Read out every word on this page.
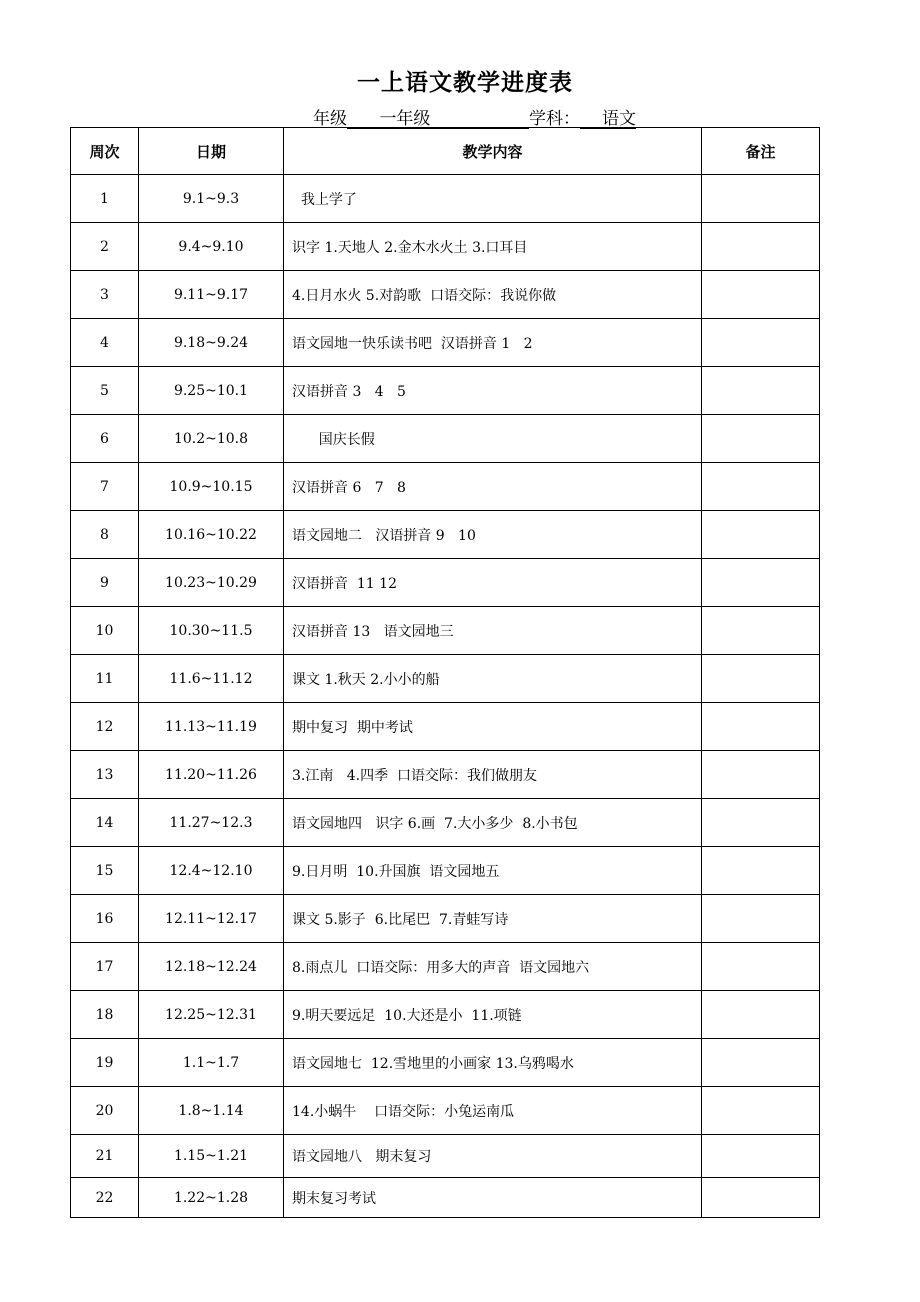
一上语文教学进度表
年级 一年级	学科： 语文
周次	日期	教学内容	备注
1	9.1~9.3	我上学了	
2	9.4~9.10	识字 1.天地人 2.金木水火土 3.口耳目	
3	9.11~9.17	4.日月水火 5.对韵歌  口语交际：我说你做	
4	9.18~9.24	语文园地一快乐读书吧  汉语拼音 1   2	
5	9.25~10.1	汉语拼音 3   4   5	
6	10.2~10.8	国庆长假	
7	10.9~10.15	汉语拼音 6   7   8	
8	10.16~10.22	语文园地二   汉语拼音 9   10	
9	10.23~10.29	汉语拼音  11 12	
10	10.30~11.5	汉语拼音 13   语文园地三	
11	11.6~11.12	课文 1.秋天 2.小小的船	
12	11.13~11.19	期中复习  期中考试	
13	11.20~11.26	3.江南   4.四季  口语交际：我们做朋友	
14	11.27~12.3	语文园地四   识字 6.画  7.大小多少  8.小书包	
15	12.4~12.10	9.日月明  10.升国旗  语文园地五	
16	12.11~12.17	课文 5.影子  6.比尾巴  7.青蛙写诗	
17	12.18~12.24	8.雨点儿  口语交际：用多大的声音  语文园地六	
18	12.25~12.31	9.明天要远足  10.大还是小  11.项链	
19	1.1~1.7	语文园地七  12.雪地里的小画家 13.乌鸦喝水	
20	1.8~1.14	14.小蜗牛    口语交际：小兔运南瓜	
21	1.15~1.21	语文园地八   期末复习	
22	1.22~1.28	期末复习考试	
